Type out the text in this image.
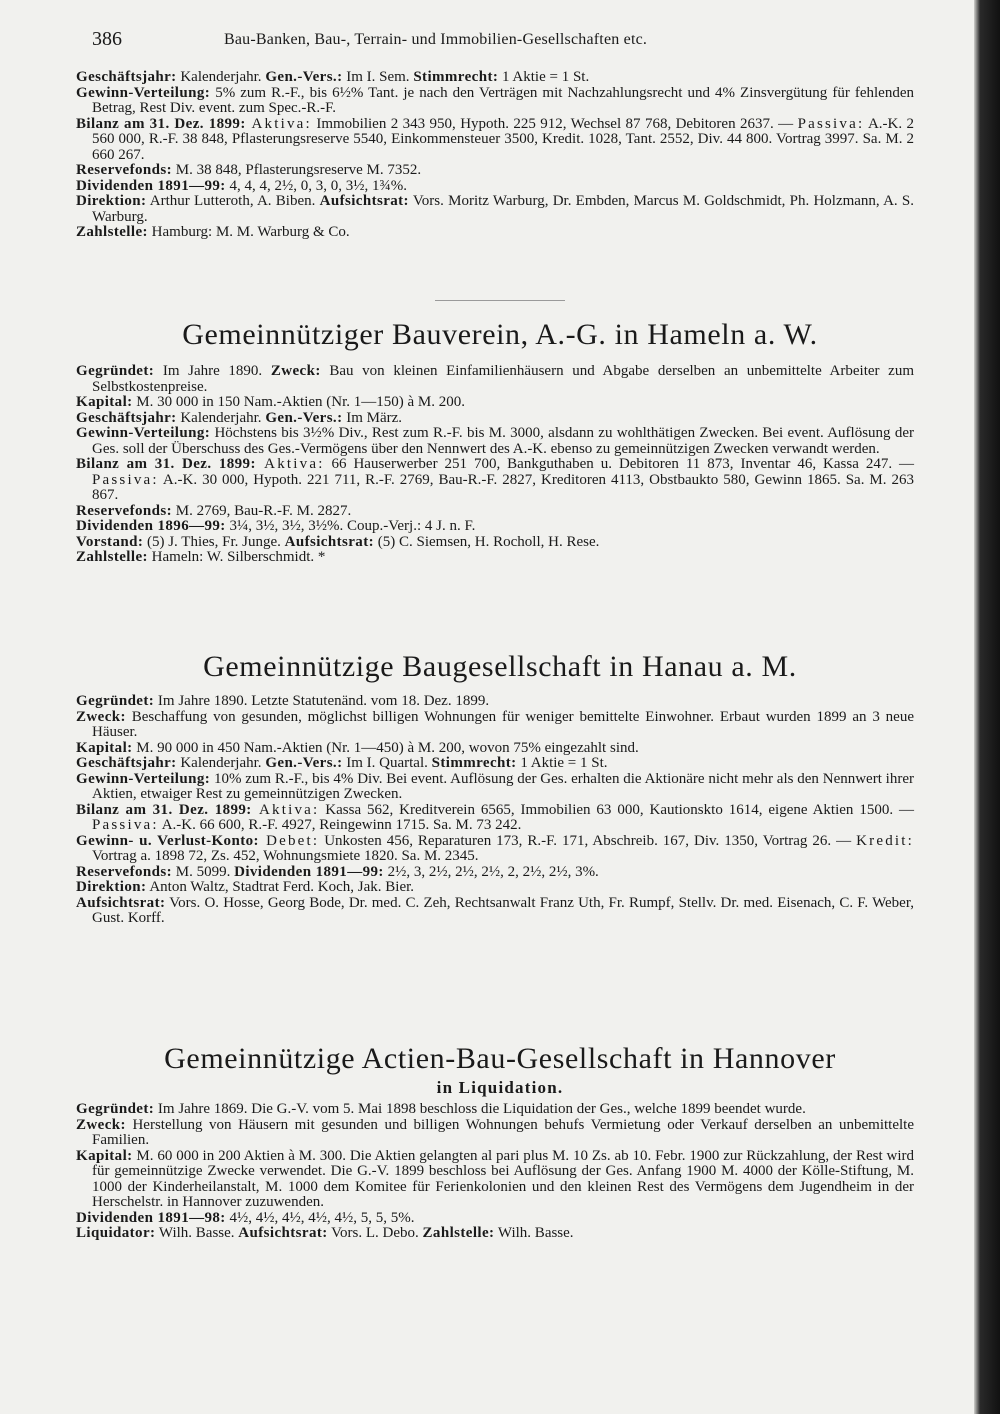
386	Bau-Banken, Bau-, Terrain- und Immobilien-Gesellschaften etc.

Geschäftsjahr: Kalenderjahr. Gen.-Vers.: Im I. Sem. Stimmrecht: 1 Aktie = 1 St.

Gewinn-Verteilung: 5% zum R.-F., bis 6½% Tant. je nach den Verträgen mit Nachzahlungsrecht und 4% Zinsvergütung für fehlenden Betrag, Rest Div. event. zum Spec.-R.-F.

Bilanz am 31. Dez. 1899: Aktiva: Immobilien 2 343 950, Hypoth. 225 912, Wechsel 87 768, Debitoren 2637. — Passiva: A.-K. 2 560 000, R.-F. 38 848, Pflasterungsreserve 5540, Einkommensteuer 3500, Kredit. 1028, Tant. 2552, Div. 44 800. Vortrag 3997. Sa. M. 2 660 267.

Reservefonds: M. 38 848, Pflasterungsreserve M. 7352.

Dividenden 1891—99: 4, 4, 4, 2½, 0, 3, 0, 3½, 1¾%.

Direktion: Arthur Lutteroth, A. Biben. Aufsichtsrat: Vors. Moritz Warburg, Dr. Embden, Marcus M. Goldschmidt, Ph. Holzmann, A. S. Warburg.

Zahlstelle: Hamburg: M. M. Warburg & Co.

Gemeinnütziger Bauverein, A.-G. in Hameln a. W.

Gegründet: Im Jahre 1890. Zweck: Bau von kleinen Einfamilienhäusern und Abgabe derselben an unbemittelte Arbeiter zum Selbstkostenpreise.

Kapital: M. 30 000 in 150 Nam.-Aktien (Nr. 1—150) à M. 200.

Geschäftsjahr: Kalenderjahr. Gen.-Vers.: Im März.

Gewinn-Verteilung: Höchstens bis 3½% Div., Rest zum R.-F. bis M. 3000, alsdann zu wohlthätigen Zwecken. Bei event. Auflösung der Ges. soll der Überschuss des Ges.-Vermögens über den Nennwert des A.-K. ebenso zu gemeinnützigen Zwecken verwandt werden.

Bilanz am 31. Dez. 1899: Aktiva: 66 Hauserwerber 251 700, Bankguthaben u. Debitoren 11 873, Inventar 46, Kassa 247. — Passiva: A.-K. 30 000, Hypoth. 221 711, R.-F. 2769, Bau-R.-F. 2827, Kreditoren 4113, Obstbaukto 580, Gewinn 1865. Sa. M. 263 867.

Reservefonds: M. 2769, Bau-R.-F. M. 2827.

Dividenden 1896—99: 3¼, 3½, 3½, 3½%. Coup.-Verj.: 4 J. n. F.

Vorstand: (5) J. Thies, Fr. Junge. Aufsichtsrat: (5) C. Siemsen, H. Rocholl, H. Rese.

Zahlstelle: Hameln: W. Silberschmidt. *

Gemeinnützige Baugesellschaft in Hanau a. M.

Gegründet: Im Jahre 1890. Letzte Statutenänd. vom 18. Dez. 1899.

Zweck: Beschaffung von gesunden, möglichst billigen Wohnungen für weniger bemittelte Einwohner. Erbaut wurden 1899 an 3 neue Häuser.

Kapital: M. 90 000 in 450 Nam.-Aktien (Nr. 1—450) à M. 200, wovon 75% eingezahlt sind.

Geschäftsjahr: Kalenderjahr. Gen.-Vers.: Im I. Quartal. Stimmrecht: 1 Aktie = 1 St.

Gewinn-Verteilung: 10% zum R.-F., bis 4% Div. Bei event. Auflösung der Ges. erhalten die Aktionäre nicht mehr als den Nennwert ihrer Aktien, etwaiger Rest zu gemeinnützigen Zwecken.

Bilanz am 31. Dez. 1899: Aktiva: Kassa 562, Kreditverein 6565, Immobilien 63 000, Kautionskto 1614, eigene Aktien 1500. — Passiva: A.-K. 66 600, R.-F. 4927, Reingewinn 1715. Sa. M. 73 242.

Gewinn- u. Verlust-Konto: Debet: Unkosten 456, Reparaturen 173, R.-F. 171, Abschreib. 167, Div. 1350, Vortrag 26. — Kredit: Vortrag a. 1898 72, Zs. 452, Wohnungsmiete 1820. Sa. M. 2345.

Reservefonds: M. 5099. Dividenden 1891—99: 2½, 3, 2½, 2½, 2½, 2, 2½, 2½, 3%.

Direktion: Anton Waltz, Stadtrat Ferd. Koch, Jak. Bier.

Aufsichtsrat: Vors. O. Hosse, Georg Bode, Dr. med. C. Zeh, Rechtsanwalt Franz Uth, Fr. Rumpf, Stellv. Dr. med. Eisenach, C. F. Weber, Gust. Korff.

Gemeinnützige Actien-Bau-Gesellschaft in Hannover
in Liquidation.

Gegründet: Im Jahre 1869. Die G.-V. vom 5. Mai 1898 beschloss die Liquidation der Ges., welche 1899 beendet wurde.

Zweck: Herstellung von Häusern mit gesunden und billigen Wohnungen behufs Vermietung oder Verkauf derselben an unbemittelte Familien.

Kapital: M. 60 000 in 200 Aktien à M. 300. Die Aktien gelangten al pari plus M. 10 Zs. ab 10. Febr. 1900 zur Rückzahlung, der Rest wird für gemeinnützige Zwecke verwendet. Die G.-V. 1899 beschloss bei Auflösung der Ges. Anfang 1900 M. 4000 der Kölle-Stiftung, M. 1000 der Kinderheilanstalt, M. 1000 dem Komitee für Ferienkolonien und den kleinen Rest des Vermögens dem Jugendheim in der Herschelstr. in Hannover zuzuwenden.

Dividenden 1891—98: 4½, 4½, 4½, 4½, 4½, 5, 5, 5%.

Liquidator: Wilh. Basse. Aufsichtsrat: Vors. L. Debo. Zahlstelle: Wilh. Basse.
